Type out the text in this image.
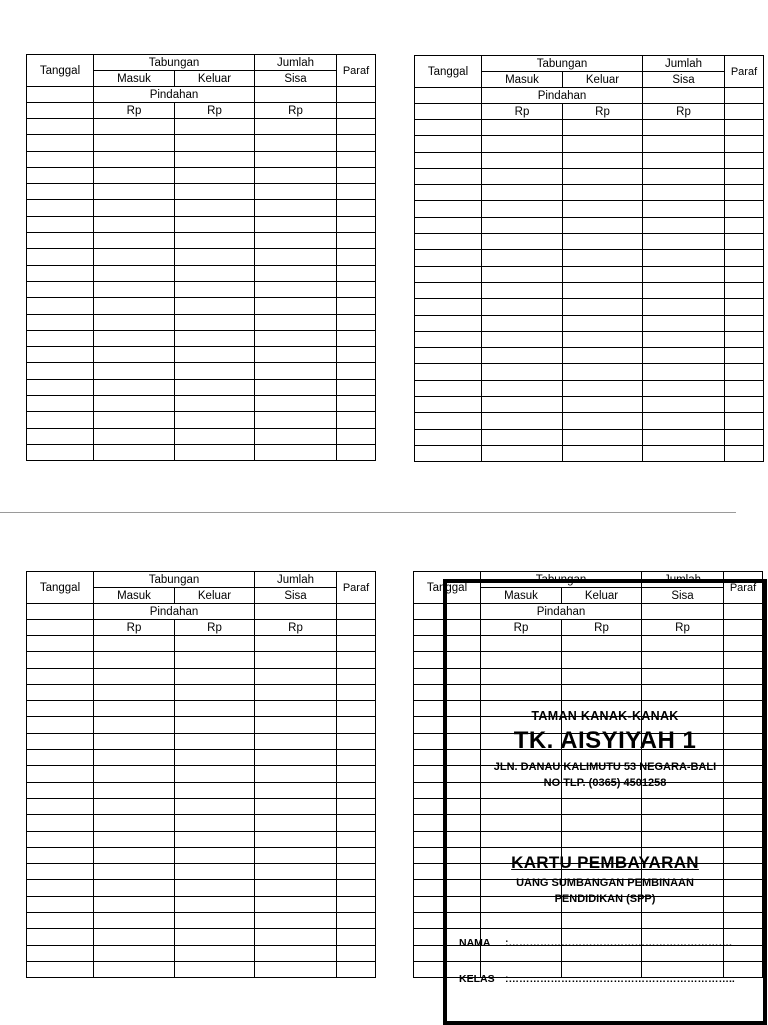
Tanggal	Tabungan		Jumlah	Paraf
	Masuk	Keluar	Sisa	
	Pindahan			
	Rp	Rp	Rp	

Tanggal	Tabungan		Jumlah	Paraf
	Masuk	Keluar	Sisa	
	Pindahan			
	Rp	Rp	Rp	

Tanggal	Tabungan		Jumlah	Paraf
	Masuk	Keluar	Sisa	
	Pindahan			
	Rp	Rp	Rp	

Tanggal	Tabungan		Jumlah	Paraf
	Masuk	Keluar	Sisa	
	Pindahan			
	Rp	Rp	Rp	

TAMAN KANAK-KANAK
TK. AISYIYAH 1
JLN. DANAU KALIMUTU 53 NEGARA-BALI
NO TLP. (0365) 4501258
KARTU PEMBAYARAN
UANG SUMBANGAN PEMBINAAN
PENDIDIKAN (SPP)
NAMA :……………………………………………………….
KELAS :………………………………………………………..
